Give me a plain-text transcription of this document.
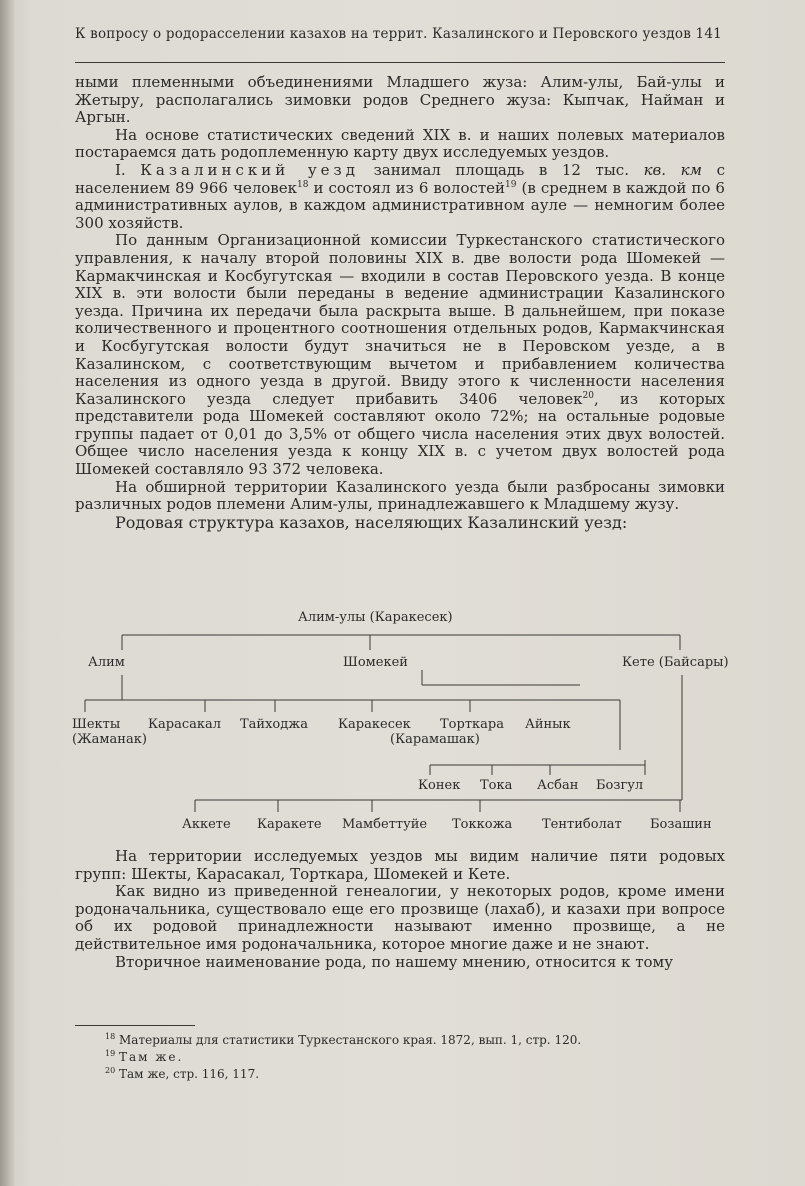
К вопросу о родорасселении казахов на террит. Казалинского и Перовского уездов 141

ными племенными объединениями Младшего жуза: Алим-улы, Бай-улы и Жетыру, располагались зимовки родов Среднего жуза: Кыпчак, Найман и Аргын.

На основе статистических сведений XIX в. и наших полевых материалов постараемся дать родоплеменную карту двух исследуемых уездов.

I. Казалинский уезд занимал площадь в 12 тыс. кв. км с населением 89 966 человек$^{18}$ и состоял из 6 волостей$^{19}$ (в среднем в каждой по 6 административных аулов, в каждом административном ауле — немногим более 300 хозяйств.

По данным Организационной комиссии Туркестанского статистического управления, к началу второй половины XIX в. две волости рода Шомекей — Кармакчинская и Косбугутская — входили в состав Перовского уезда. В конце XIX в. эти волости были переданы в ведение администрации Казалинского уезда. Причина их передачи была раскрыта выше. В дальнейшем, при показе количественного и процентного соотношения отдельных родов, Кармакчинская и Косбугутская волости будут значиться не в Перовском уезде, а в Казалинском, с соответствующим вычетом и прибавлением количества населения из одного уезда в другой. Ввиду этого к численности населения Казалинского уезда следует прибавить 3406 человек$^{20}$, из которых представители рода Шомекей составляют около 72%; на остальные родовые группы падает от 0,01 до 3,5% от общего числа населения этих двух волостей. Общее число населения уезда к концу XIX в. с учетом двух волостей рода Шомекей составляло 93 372 человека.

На обширной территории Казалинского уезда были разбросаны зимовки различных родов племени Алим-улы, принадлежавшего к Младшему жузу.

Родовая структура казахов, населяющих Казалинский уезд:

Алим-улы (Каракесек)
Алим	Шомекей	Кете (Байсары)
Шекты
(Жаманак)
Карасакал Тайходжа Каракесек Торткара
(Карамашак)
Айнык
Конек Тока Асбан Бозгул
Аккете Каракете Мамбеттуйе Токкожа Тентиболат Бозашин

На территории исследуемых уездов мы видим наличие пяти родовых групп: Шекты, Карасакал, Торткара, Шомекей и Кете.

Как видно из приведенной генеалогии, у некоторых родов, кроме имени родоначальника, существовало еще его прозвище (лахаб), и казахи при вопросе об их родовой принадлежности называют именно прозвище, а не действительное имя родоначальника, которое многие даже и не знают.

Вторичное наименование рода, по нашему мнению, относится к тому

$^{18}$ Материалы для статистики Туркестанского края. 1872, вып. 1, стр. 120.
$^{19}$ Там же.
$^{20}$ Там же, стр. 116, 117.
